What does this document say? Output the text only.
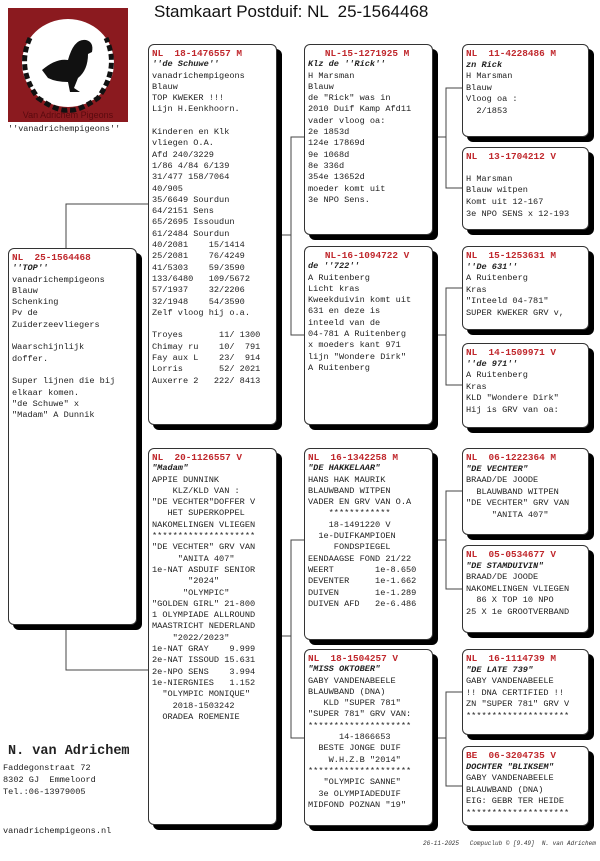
Stamkaart Postduif: NL  25-1564468
Van Adrichem Pigeons
''vanadrichempigeons''
NL  25-1564468
''TOP''
vanadrichempigeons
Blauw
Schenking
Pv de
Zuiderzeevliegers
Waarschijnlijk
doffer.
Super lijnen die bij
elkaar komen.
"de Schuwe" x
"Madam" A Dunnik
NL  18-1476557 M
''de Schuwe''
vanadrichempigeons
Blauw
TOP KWEKER !!!
Lijn H.Eenkhoorn.
Kinderen en Klk
vliegen O.A.
Afd 240/3229
1/86 4/84 6/139
31/477 158/7064
40/905
35/6649 Sourdun
64/2151 Sens
65/2695 Issoudun
61/2484 Sourdun
40/2081    15/1414
25/2081    76/4249
41/5303    59/3590
133/6480   109/5672
57/1937    32/2206
32/1948    54/3590
Zelf vloog hij o.a.
Troyes       11/ 1300
Chimay ru    10/  791
Fay aux L    23/  914
Lorris       52/ 2021
Auxerre 2   222/ 8413
NL  20-1126557 V
"Madam"
APPIE DUNNINK
KLZ/KLD VAN :
"DE VECHTER"DOFFER V
HET SUPERKOPPEL
NAKOMELINGEN VLIEGEN
********************
"DE VECHTER" GRV VAN
"ANITA 407"
1e-NAT ASDUIF SENIOR
"2024"
"OLYMPIC"
"GOLDEN GIRL" 21-800
1 OLYMPIADE ALLROUND
MAASTRICHT NEDERLAND
"2022/2023"
1e-NAT GRAY    9.999
2e-NAT ISSOUD 15.631
2e-NPO SENS    3.994
1e-NIERGNIES   1.152
"OLYMPIC MONIQUE"
2018-1503242
ORADEA ROEMENIE
NL-15-1271925 M
Klz de ''Rick''
H Marsman
Blauw
de "Rick" was in
2010 Duif Kamp Afd11
vader vloog oa:
2e 1853d
124e 17869d
9e 1068d
8e 336d
354e 13652d
moeder komt uit
3e NPO Sens.
NL-16-1094722 V
de ''722''
A Ruitenberg
Licht kras
Kweekduivin komt uit
631 en deze is
inteeld van de
04-781 A Ruitenberg
x moeders kant 971
lijn "Wondere Dirk"
A Ruitenberg
NL  16-1342258 M
"DE HAKKELAAR"
HANS HAK MAURIK
BLAUWBAND WITPEN
VADER EN GRV VAN O.A
************
18-1491220 V
1e-DUIFKAMPIOEN
FONDSPIEGEL
EENDAAGSE FOND 21/22
WEERT        1e-8.650
DEVENTER     1e-1.662
DUIVEN       1e-1.289
DUIVEN AFD   2e-6.486
NL  18-1504257 V
"MISS OKTOBER"
GABY VANDENABEELE
BLAUWBAND (DNA)
KLD "SUPER 781"
"SUPER 781" GRV VAN:
********************
14-1866653
BESTE JONGE DUIF
W.H.Z.B "2014"
********************
"OLYMPIC SANNE"
3e OLYMPIADEDUIF
MIDFOND POZNAN "19"
NL  11-4228486 M
zn Rick
H Marsman
Blauw
Vloog oa :
2/1853
NL  13-1704212 V
H Marsman
Blauw witpen
Komt uit 12-167
3e NPO SENS x 12-193
NL  15-1253631 M
''De 631''
A Ruitenberg
Kras
"Inteeld 04-781"
SUPER KWEKER GRV v,
NL  14-1509971 V
''de 971''
A Ruitenberg
Kras
KLD "Wondere Dirk"
Hij is GRV van oa:
NL  06-1222364 M
"DE VECHTER"
BRAAD/DE JOODE
BLAUWBAND WITPEN
"DE VECHTER" GRV VAN
"ANITA 407"
NL  05-0534677 V
"DE STAMDUIVIN"
BRAAD/DE JOODE
NAKOMELINGEN VLIEGEN
86 X TOP 10 NPO
25 X 1e GROOTVERBAND
NL  16-1114739 M
"DE LATE 739"
GABY VANDENABEELE
!! DNA CERTIFIED !!
ZN "SUPER 781" GRV V
********************
BE  06-3204735 V
DOCHTER "BLIKSEM"
GABY VANDENABEELE
BLAUWBAND (DNA)
EIG: GEBR TER HEIDE
********************
N. van Adrichem
Faddegonstraat 72
8302 GJ  Emmeloord
Tel.:06-13979005
vanadrichempigeons.nl
26-11-2025   Compuclub © [9.49]  N. van Adrichem
